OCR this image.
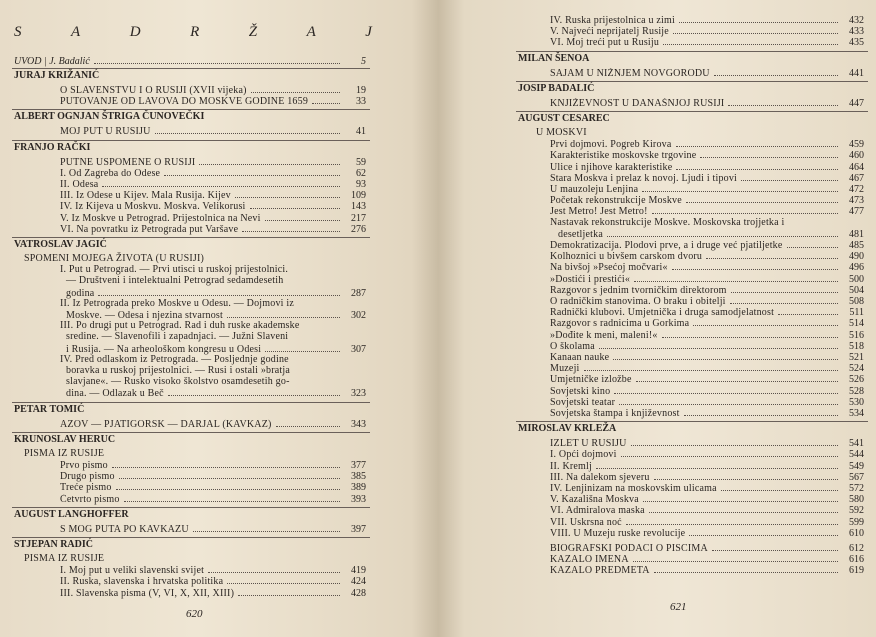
S	A	D	R	Ž	A	J
UVOD | J. Badalić	5
JURAJ KRIŽANIĆ
O SLAVENSTVU I O RUSIJI (XVII vijeka)	19
PUTOVANJE OD LAVOVA DO MOSKVE GODINE 1659	33
ALBERT OGNJAN ŠTRIGA ČUNOVEČKI
MOJ PUT U RUSIJU	41
FRANJO RAČKI
PUTNE USPOMENE O RUSIJI	59
I. Od Zagreba do Odese	62
II. Odesa	93
III. Iz Odese u Kijev. Mala Rusija. Kijev	109
IV. Iz Kijeva u Moskvu. Moskva. Velikorusi	143
V. Iz Moskve u Petrograd. Prijestolnica na Nevi	217
VI. Na povratku iz Petrograda put Varšave	276
VATROSLAV JAGIĆ
SPOMENI MOJEGA ŽIVOTA (U RUSIJI)
I. Put u Petrograd. — Prvi utisci u ruskoj prijestolnici.
— Društveni i intelektualni Petrograd sedamdesetih
godina	287
II. Iz Petrograda preko Moskve u Odesu. — Dojmovi iz
Moskve. — Odesa i njezina stvarnost	302
III. Po drugi put u Petrograd. Rad i duh ruske akademske
sredine. — Slavenofili i zapadnjaci. — Južni Slaveni
i Rusija. — Na arheološkom kongresu u Odesi	307
IV. Pred odlaskom iz Petrograda. — Posljednje godine
boravka u ruskoj prijestolnici. — Rusi i ostali »bratja
slavjane«. — Rusko visoko školstvo osamdesetih go-
dina. — Odlazak u Beč	323
PETAR TOMIĆ
AZOV — PJATIGORSK — DARJAL (KAVKAZ)	343
KRUNOSLAV HERUC
PISMA IZ RUSIJE
Prvo pismo	377
Drugo pismo	385
Treće pismo	389
Četvrto pismo	393
AUGUST LANGHOFFER
S MOG PUTA PO KAVKAZU	397
STJEPAN RADIĆ
PISMA IZ RUSIJE
I. Moj put u veliki slavenski svijet	419
II. Ruska, slavenska i hrvatska politika	424
III. Slavenska pisma (V, VI, X, XII, XIII)	428
620
IV. Ruska prijestolnica u zimi	432
V. Najveći neprijatelj Rusije	433
VI. Moj treći put u Rusiju	435
MILAN ŠENOA
SAJAM U NIŽNJEM NOVGORODU	441
JOSIP BADALIĆ
KNJIŽEVNOST U DANAŠNJOJ RUSIJI	447
AUGUST CESAREC
U MOSKVI
Prvi dojmovi. Pogreb Kirova	459
Karakteristike moskovske trgovine	460
Ulice i njihove karakteristike	464
Stara Moskva i prelaz k novoj. Ljudi i tipovi	467
U mauzoleju Lenjina	472
Početak rekonstrukcije Moskve	473
Jest Metro! Jest Metro!	477
Nastavak rekonstrukcije Moskve. Moskovska trojjetka i
desetljetka	481
Demokratizacija. Plodovi prve, a i druge već pjatiljetke	485
Kolhoznici u bivšem carskom dvoru	490
Na bivšoj »Psećoj močvari«	496
»Dostići i prestići«	500
Razgovor s jednim tvorničkim direktorom	504
O radničkim stanovima. O braku i obitelji	508
Radnički klubovi. Umjetnička i druga samodjelatnost	511
Razgovor s radnicima u Gorkima	514
»Dođite k meni, maleni!«	516
O školama	518
Kanaan nauke	521
Muzeji	524
Umjetničke izložbe	526
Sovjetski kino	528
Sovjetski teatar	530
Sovjetska štampa i književnost	534
MIROSLAV KRLEŽA
IZLET U RUSIJU	541
I. Opći dojmovi	544
II. Kremlj	549
III. Na dalekom sjeveru	567
IV. Lenjinizam na moskovskim ulicama	572
V. Kazališna Moskva	580
VI. Admiralova maska	592
VII. Uskrsna noć	599
VIII. U Muzeju ruske revolucije	610
BIOGRAFSKI PODACI O PISCIMA	612
KAZALO IMENA	616
KAZALO PREDMETA	619
621
